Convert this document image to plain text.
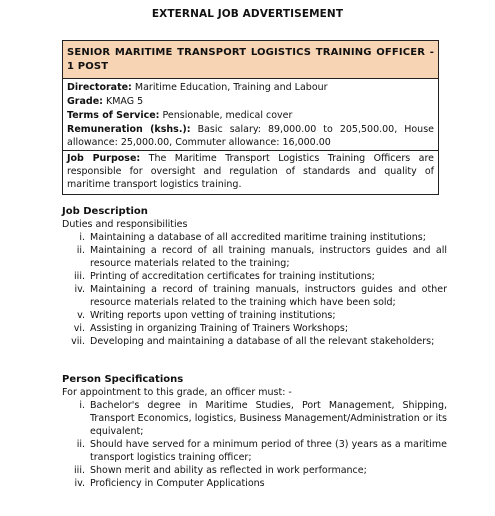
EXTERNAL JOB ADVERTISEMENT
SENIOR MARITIME TRANSPORT LOGISTICS TRAINING OFFICER - 1 POST
Directorate: Maritime Education, Training and Labour
Grade: KMAG 5
Terms of Service: Pensionable, medical cover
Remuneration (kshs.): Basic salary: 89,000.00 to 205,500.00, House allowance: 25,000.00, Commuter allowance: 16,000.00
Job Purpose: The Maritime Transport Logistics Training Officers are responsible for oversight and regulation of standards and quality of maritime transport logistics training.
Job Description

Duties and responsibilities

i. Maintaining a database of all accredited maritime training institutions;
ii. Maintaining a record of all training manuals, instructors guides and all resource materials related to the training;
iii. Printing of accreditation certificates for training institutions;
iv. Maintaining a record of training manuals, instructors guides and other resource materials related to the training which have been sold;
v. Writing reports upon vetting of training institutions;
vi. Assisting in organizing Training of Trainers Workshops;
vii. Developing and maintaining a database of all the relevant stakeholders;
Person Specifications

For appointment to this grade, an officer must: -

i. Bachelor's degree in Maritime Studies, Port Management, Shipping, Transport Economics, logistics, Business Management/Administration or its equivalent;
ii. Should have served for a minimum period of three (3) years as a maritime transport logistics training officer;
iii. Shown merit and ability as reflected in work performance;
iv. Proficiency in Computer Applications
